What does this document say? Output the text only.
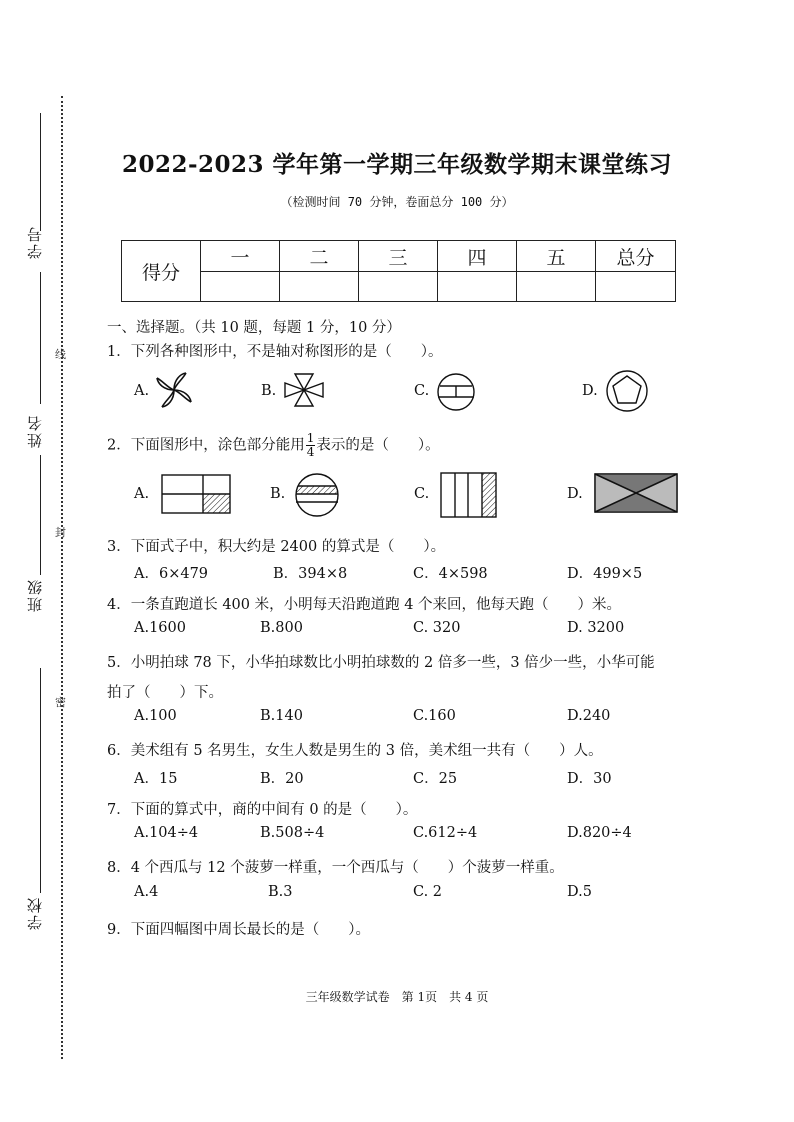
学号
姓名
班级
学校
线
封
密
2022-2023 学年第一学期三年级数学期末课堂练习
（检测时间 70 分钟，卷面总分 100 分）
得分	一	二	三	四	五	总分

一、选择题。（共 10 题，每题 1 分，10 分）
1．下列各种图形中，不是轴对称图形的是（　　）。
A.	B.	C.	D.
2．下面图形中，涂色部分能用 $\frac{1}{4}$ 表示的是（　　）。
A.	B.	C.	D.
3．下面式子中，积大约是 2400 的算式是（　　）。
A．6×479	B．394×8	C．4×598	D．499×5
4．一条直跑道长 400 米，小明每天沿跑道跑 4 个来回，他每天跑（　　）米。
A.1600	B.800	C. 320	D. 3200
5．小明拍球 78 下，小华拍球数比小明拍球数的 2 倍多一些，3 倍少一些，小华可能
拍了（　　）下。
A.100	B.140	C.160	D.240
6．美术组有 5 名男生，女生人数是男生的 3 倍，美术组一共有（　　）人。
A．15	B．20	C．25	D．30
7．下面的算式中，商的中间有 0 的是（　　）。
A.104÷4	B.508÷4	C.612÷4	D.820÷4
8．4 个西瓜与 12 个菠萝一样重，一个西瓜与（　　）个菠萝一样重。
A.4	B.3	C. 2	D.5
9．下面四幅图中周长最长的是（　　）。
三年级数学试卷　第 1页　共 4 页
